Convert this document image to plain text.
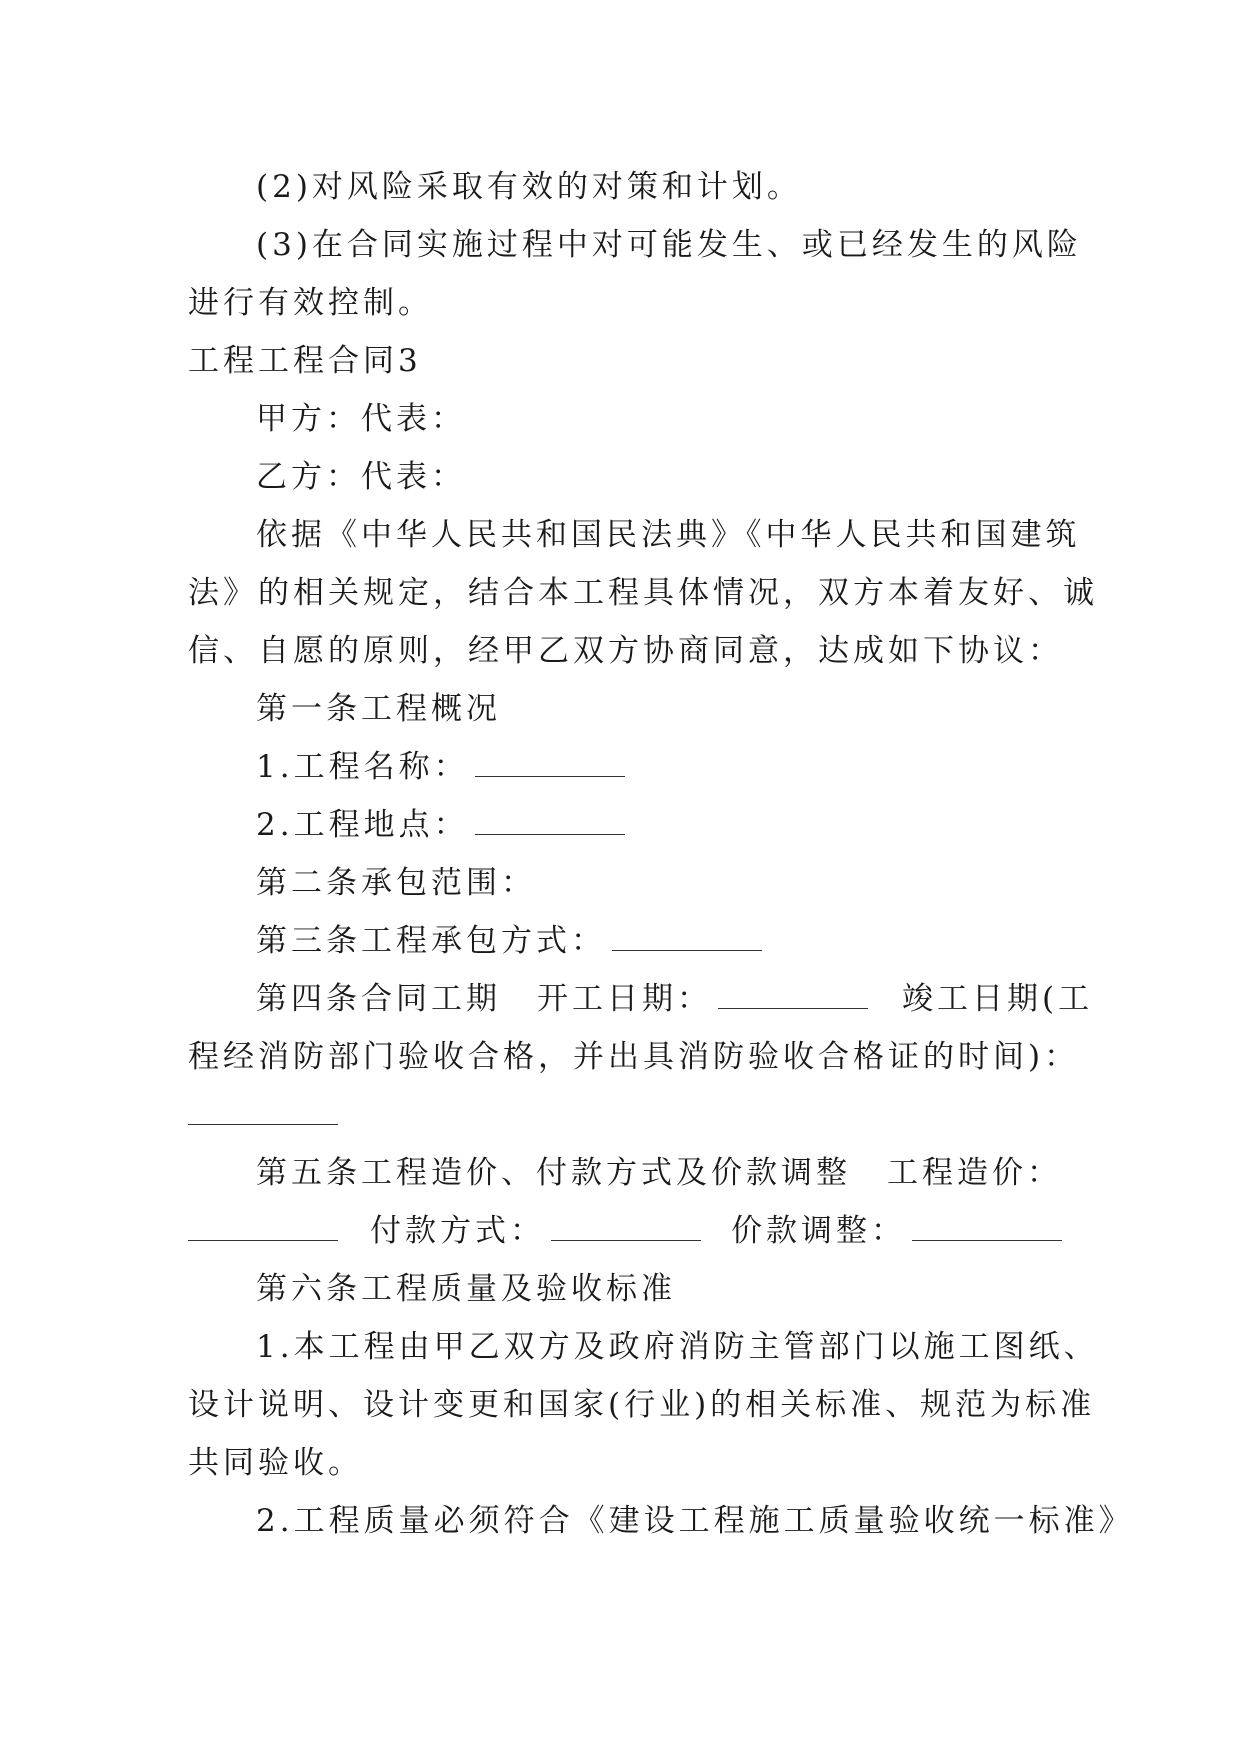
(2)对风险采取有效的对策和计划。
(3)在合同实施过程中对可能发生、或已经发生的风险
进行有效控制。
工程工程合同3
甲方：代表：
乙方：代表：
依据《中华人民共和国民法典》《中华人民共和国建筑
法》的相关规定，结合本工程具体情况，双方本着友好、诚
信、自愿的原则，经甲乙双方协商同意，达成如下协议：
第一条工程概况
1.工程名称：
2.工程地点：
第二条承包范围：
第三条工程承包方式：
第四条合同工期 开工日期：	竣工日期(工
程经消防部门验收合格，并出具消防验收合格证的时间)：
第五条工程造价、付款方式及价款调整 工程造价：
付款方式：	价款调整：
第六条工程质量及验收标准
1.本工程由甲乙双方及政府消防主管部门以施工图纸、
设计说明、设计变更和国家(行业)的相关标准、规范为标准
共同验收。
2.工程质量必须符合《建设工程施工质量验收统一标准》
